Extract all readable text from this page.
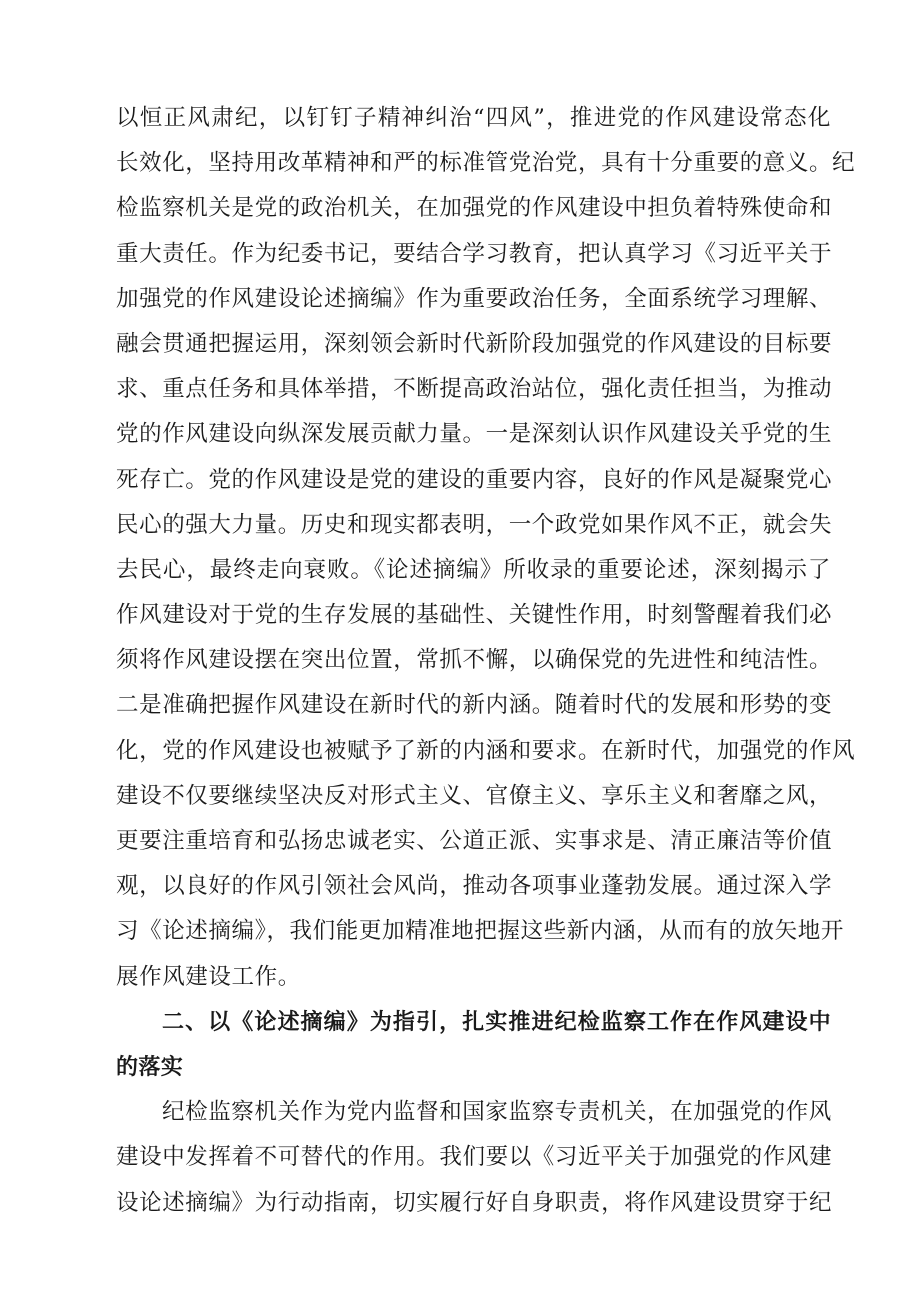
以恒正风肃纪，以钉钉子精神纠治“四风”，推进党的作风建设常态化
长效化，坚持用改革精神和严的标准管党治党，具有十分重要的意义。纪
检监察机关是党的政治机关，在加强党的作风建设中担负着特殊使命和
重大责任。作为纪委书记，要结合学习教育，把认真学习《习近平关于
加强党的作风建设论述摘编》作为重要政治任务，全面系统学习理解、
融会贯通把握运用，深刻领会新时代新阶段加强党的作风建设的目标要
求、重点任务和具体举措，不断提高政治站位，强化责任担当，为推动
党的作风建设向纵深发展贡献力量。一是深刻认识作风建设关乎党的生
死存亡。党的作风建设是党的建设的重要内容，良好的作风是凝聚党心
民心的强大力量。历史和现实都表明，一个政党如果作风不正，就会失
去民心，最终走向衰败。《论述摘编》所收录的重要论述，深刻揭示了
作风建设对于党的生存发展的基础性、关键性作用，时刻警醒着我们必
须将作风建设摆在突出位置，常抓不懈，以确保党的先进性和纯洁性。
二是准确把握作风建设在新时代的新内涵。随着时代的发展和形势的变
化，党的作风建设也被赋予了新的内涵和要求。在新时代，加强党的作风
建设不仅要继续坚决反对形式主义、官僚主义、享乐主义和奢靡之风，
更要注重培育和弘扬忠诚老实、公道正派、实事求是、清正廉洁等价值
观，以良好的作风引领社会风尚，推动各项事业蓬勃发展。通过深入学
习《论述摘编》，我们能更加精准地把握这些新内涵，从而有的放矢地开
展作风建设工作。
二、以《论述摘编》为指引，扎实推进纪检监察工作在作风建设中
的落实
纪检监察机关作为党内监督和国家监察专责机关，在加强党的作风
建设中发挥着不可替代的作用。我们要以《习近平关于加强党的作风建
设论述摘编》为行动指南，切实履行好自身职责，将作风建设贯穿于纪
